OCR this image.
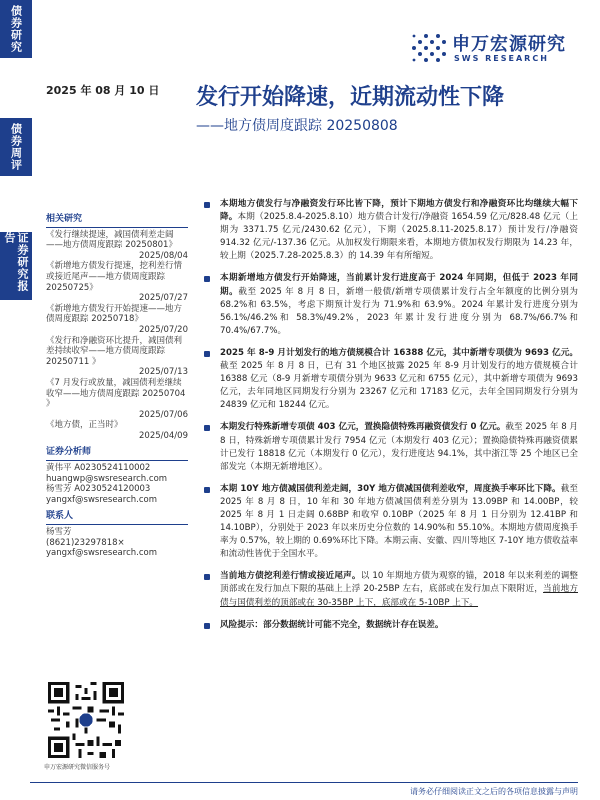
债券研究
债券周评
证券研究报告
申万宏源研究
SWS RESEARCH
2025 年 08 月 10 日 发行开始降速，近期流动性下降
——地方债周度跟踪 20250808
相关研究
《发行继续提速，减国债利差走阔——地方债周度跟踪 20250801》
2025/08/04
《新增地方债发行提速，挖利差行情或接近尾声——地方债周度跟踪 20250725》
2025/07/27
《新增地方债发行开始提速——地方债周度跟踪 20250718》
2025/07/20
《发行和净融资环比提升，减国债利差持续收窄——地方债周度跟踪 20250711 》
2025/07/13
《7 月发行或放量，减国债利差继续收窄——地方债周度跟踪 20250704 》
2025/07/06
《地方债，正当时》
2025/04/09
证券分析师
黄伟平 A0230524110002
huangwp@swsresearch.com
杨雪芳 A0230524120003
yangxf@swsresearch.com
联系人
杨雪芳
(8621)23297818×
yangxf@swsresearch.com
申万宏源研究微信服务号
本期地方债发行与净融资发行环比皆下降，预计下期地方债发行和净融资环比均继续大幅下降。本期（2025.8.4-2025.8.10）地方债合计发行/净融资 1654.59 亿元/828.48 亿元（上期为 3371.75 亿元/2430.62 亿元），下期（2025.8.11-2025.8.17）预计发行/净融资 914.32 亿元/-137.36 亿元。从加权发行期限来看，本期地方债加权发行期限为 14.23 年，较上期（2025.7.28-2025.8.3）的 14.39 年有所缩短。
本期新增地方债发行开始降速，当前累计发行进度高于 2024 年同期，但低于 2023 年同期。截至 2025 年 8 月 8 日，新增一般债/新增专项债累计发行占全年额度的比例分别为 68.2%和 63.5%，考虑下期预计发行为 71.9%和 63.9%。2024 年累计发行进度分别为 56.1%/46.2%和 58.3%/49.2%，2023 年累计发行进度分别为 68.7%/66.7%和 70.4%/67.7%。
2025 年 8-9 月计划发行的地方债规模合计 16388 亿元，其中新增专项债为 9693 亿元。截至 2025 年 8 月 8 日，已有 31 个地区披露 2025 年 8-9 月计划发行的地方债规模合计 16388 亿元（8-9 月新增专项债分别为 9633 亿元和 6755 亿元），其中新增专项债为 9693 亿元，去年同地区同期发行分别为 23267 亿元和 17183 亿元，去年全国同期发行分别为 24839 亿元和 18244 亿元。
本期发行特殊新增专项债 403 亿元，置换隐债特殊再融资债发行 0 亿元。截至 2025 年 8 月 8 日，特殊新增专项债累计发行 7954 亿元（本期发行 403 亿元）；置换隐债特殊再融资债累计已发行 18818 亿元（本期发行 0 亿元），发行进度达 94.1%，其中浙江等 25 个地区已全部发完（本期无新增地区）。
本期 10Y 地方债减国债利差走阔，30Y 地方债减国债利差收窄，周度换手率环比下降。截至 2025 年 8 月 8 日，10 年和 30 年地方债减国债利差分别为 13.09BP 和 14.00BP，较 2025 年 8 月 1 日走阔 0.68BP 和收窄 0.10BP（2025 年 8 月 1 日分别为 12.41BP 和 14.10BP），分别处于 2023 年以来历史分位数的 14.90%和 55.10%。本期地方债周度换手率为 0.57%，较上期的 0.69%环比下降。本期云南、安徽、四川等地区 7-10Y 地方债收益率和流动性皆优于全国水平。
当前地方债挖利差行情或接近尾声。以 10 年期地方债为观察的锚，2018 年以来利差的调整顶部或在发行加点下限的基础上上浮 20-25BP 左右，底部或在发行加点下限附近，当前地方债与国债利差的顶部或在 30-35BP 上下，底部或在 5-10BP 上下。
风险提示：部分数据统计可能不完全，数据统计存在误差。
请务必仔细阅读正文之后的各项信息披露与声明
